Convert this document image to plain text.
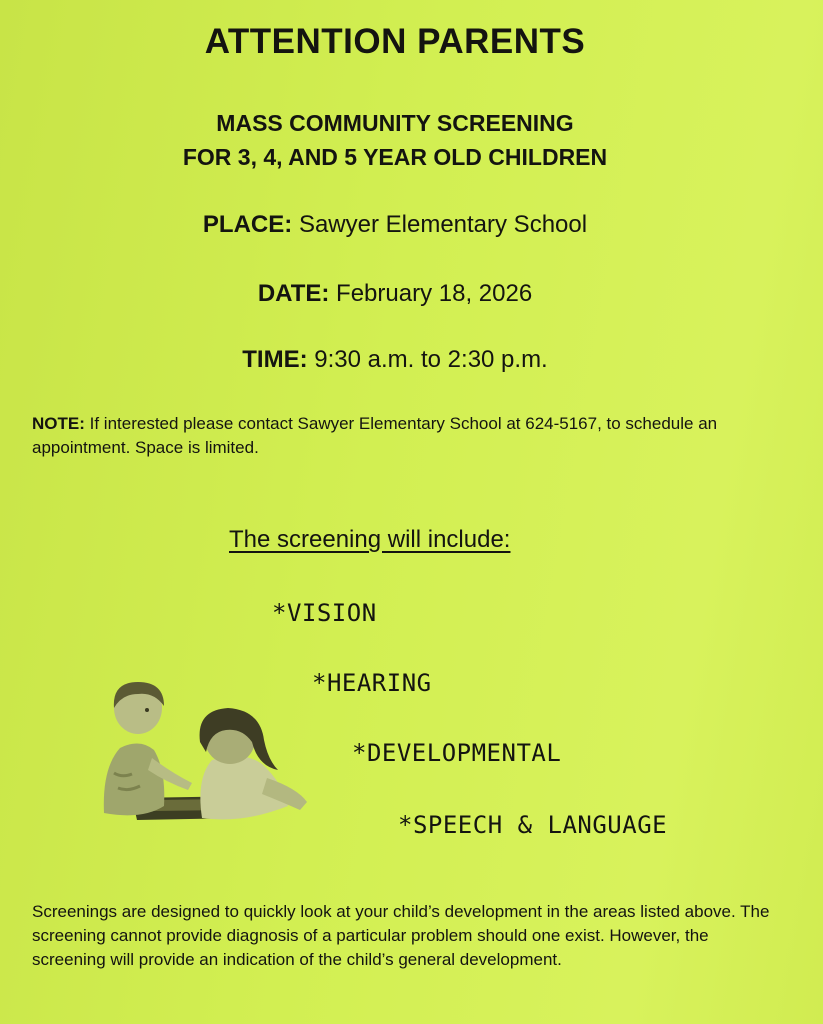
ATTENTION PARENTS
MASS COMMUNITY SCREENING
FOR 3, 4, AND 5 YEAR OLD CHILDREN
PLACE: Sawyer Elementary School
DATE: February 18, 2026
TIME: 9:30 a.m. to 2:30 p.m.
NOTE: If interested please contact Sawyer Elementary School at 624-5167, to schedule an appointment. Space is limited.
The screening will include:
*VISION
*HEARING
*DEVELOPMENTAL
*SPEECH & LANGUAGE
Screenings are designed to quickly look at your child’s development in the areas listed above. The screening cannot provide diagnosis of a particular problem should one exist. However, the screening will provide an indication of the child’s general development.
